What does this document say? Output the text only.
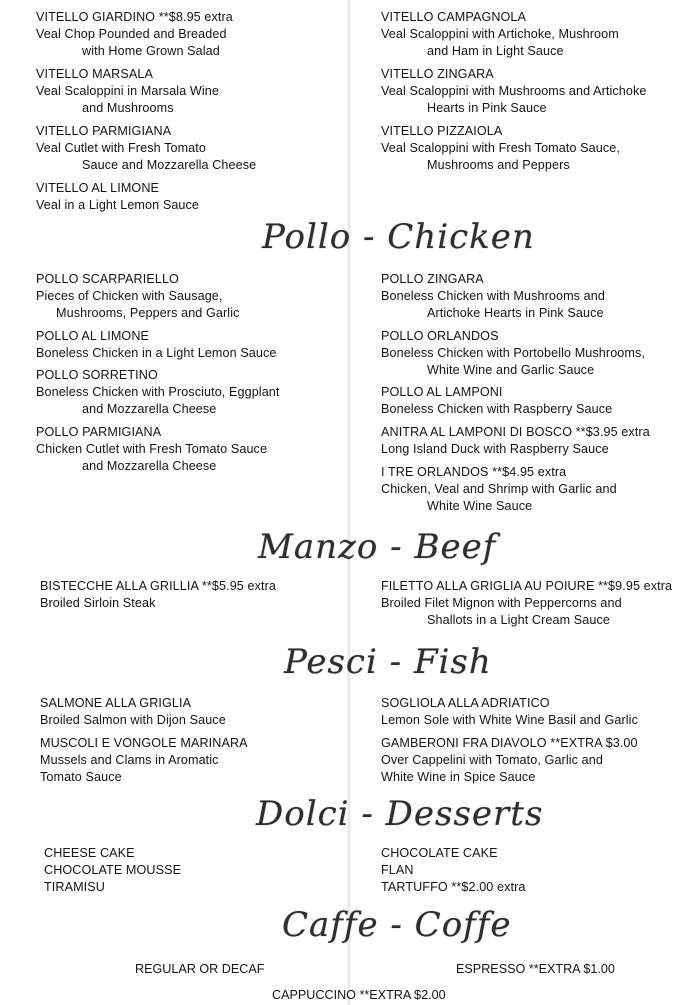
VITELLO GIARDINO **$8.95 extra
Veal Chop Pounded and Breaded
with Home Grown Salad
VITELLO MARSALA
Veal Scaloppini in Marsala Wine
and Mushrooms
VITELLO PARMIGIANA
Veal Cutlet with Fresh Tomato
Sauce and Mozzarella Cheese
VITELLO AL LIMONE
Veal in a Light Lemon Sauce
VITELLO CAMPAGNOLA
Veal Scaloppini with Artichoke, Mushroom
and Ham in Light Sauce
VITELLO ZINGARA
Veal Scaloppini with Mushrooms and Artichoke
Hearts in Pink Sauce
VITELLO PIZZAIOLA
Veal Scaloppini with Fresh Tomato Sauce,
Mushrooms and Peppers
Pollo - Chicken
POLLO SCARPARIELLO
Pieces of Chicken with Sausage,
Mushrooms, Peppers and Garlic
POLLO AL LIMONE
Boneless Chicken in a Light Lemon Sauce
POLLO SORRETINO
Boneless Chicken with Prosciuto, Eggplant
and Mozzarella Cheese
POLLO PARMIGIANA
Chicken Cutlet with Fresh Tomato Sauce
and Mozzarella Cheese
POLLO ZINGARA
Boneless Chicken with Mushrooms and
Artichoke Hearts in Pink Sauce
POLLO ORLANDOS
Boneless Chicken with Portobello Mushrooms,
White Wine and Garlic Sauce
POLLO AL LAMPONI
Boneless Chicken with Raspberry Sauce
ANITRA AL LAMPONI DI BOSCO **$3.95 extra
Long Island Duck with Raspberry Sauce
I TRE ORLANDOS **$4.95 extra
Chicken, Veal and Shrimp with Garlic and
White Wine Sauce
Manzo - Beef
BISTECCHE ALLA GRILLIA **$5.95 extra
Broiled Sirloin Steak
FILETTO ALLA GRIGLIA AU POIURE **$9.95 extra
Broiled Filet Mignon with Peppercorns and
Shallots in a Light Cream Sauce
Pesci - Fish
SALMONE ALLA GRIGLIA
Broiled Salmon with Dijon Sauce
MUSCOLI E VONGOLE MARINARA
Mussels and Clams in Aromatic
Tomato Sauce
SOGLIOLA ALLA ADRIATICO
Lemon Sole with White Wine Basil and Garlic
GAMBERONI FRA DIAVOLO **EXTRA $3.00
Over Cappelini with Tomato, Garlic and
White Wine in Spice Sauce
Dolci - Desserts
CHEESE CAKE
CHOCOLATE MOUSSE
TIRAMISU
CHOCOLATE CAKE
FLAN
TARTUFFO **$2.00 extra
Caffe - Coffe
REGULAR OR DECAF	ESPRESSO **EXTRA $1.00
CAPPUCCINO **EXTRA $2.00
